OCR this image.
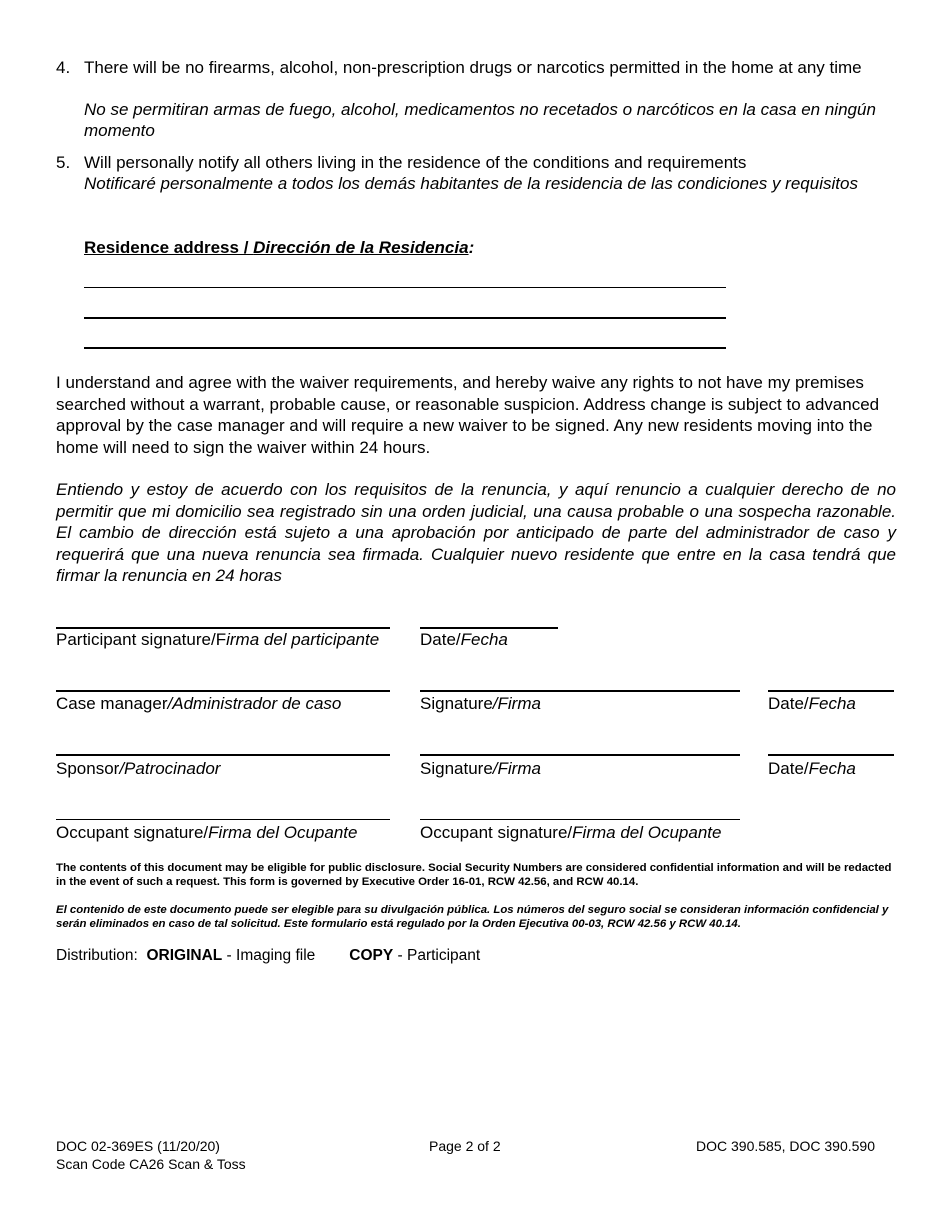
4. There will be no firearms, alcohol, non-prescription drugs or narcotics permitted in the home at any time
No se permitiran armas de fuego, alcohol, medicamentos no recetados o narcóticos en la casa en ningún momento
5. Will personally notify all others living in the residence of the conditions and requirements
Notificaré personalmente a todos los demás habitantes de la residencia de las condiciones y requisitos
Residence address / Dirección de la Residencia:
I understand and agree with the waiver requirements, and hereby waive any rights to not have my premises searched without a warrant, probable cause, or reasonable suspicion. Address change is subject to advanced approval by the case manager and will require a new waiver to be signed. Any new residents moving into the home will need to sign the waiver within 24 hours.
Entiendo y estoy de acuerdo con los requisitos de la renuncia, y aquí renuncio a cualquier derecho de no permitir que mi domicilio sea registrado sin una orden judicial, una causa probable o una sospecha razonable. El cambio de dirección está sujeto a una aprobación por anticipado de parte del administrador de caso y requerirá que una nueva renuncia sea firmada. Cualquier nuevo residente que entre en la casa tendrá que firmar la renuncia en 24 horas
Participant signature/Firma del participante Date/Fecha
Case manager/Administrador de caso	Signature/Firma	Date/Fecha
Sponsor/Patrocinador	Signature/Firma	Date/Fecha
Occupant signature/Firma del Ocupante	Occupant signature/Firma del Ocupante
The contents of this document may be eligible for public disclosure. Social Security Numbers are considered confidential information and will be redacted in the event of such a request. This form is governed by Executive Order 16-01, RCW 42.56, and RCW 40.14.
El contenido de este documento puede ser elegible para su divulgación pública. Los números del seguro social se consideran información confidencial y serán eliminados en caso de tal solicitud. Este formulario está regulado por la Orden Ejecutiva 00-03, RCW 42.56 y RCW 40.14.
Distribution:  ORIGINAL - Imaging file COPY - Participant
DOC 02-369ES (11/20/20)
Scan Code CA26 Scan & Toss
Page 2 of 2	DOC 390.585, DOC 390.590
